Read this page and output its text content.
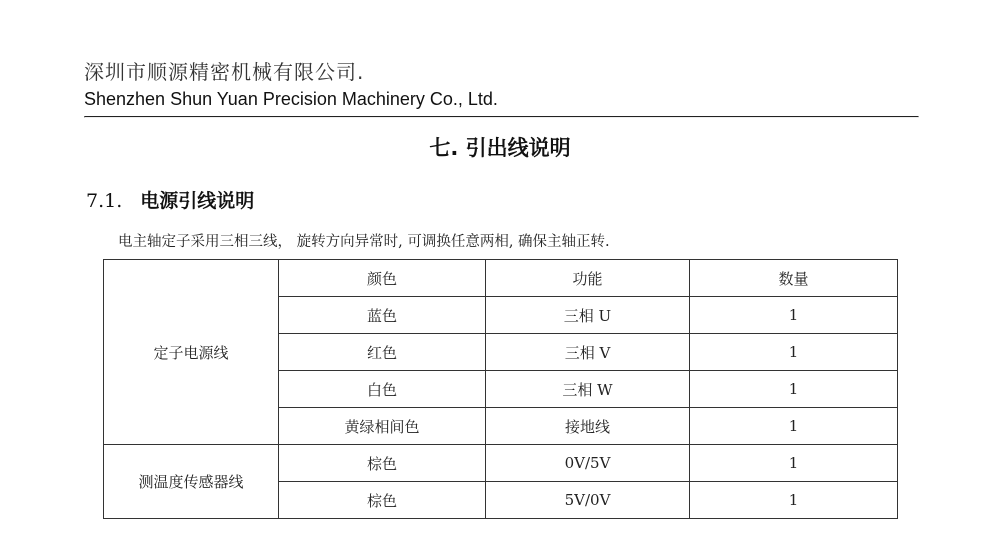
深圳市顺源精密机械有限公司.

Shenzhen Shun Yuan Precision Machinery Co., Ltd.

七. 引出线说明
7.1. 电源引线说明

电主轴定子采用三相三线， 旋转方向异常时, 可调换任意两相, 确保主轴正转.

定子电源线	颜色	功能	数量
	蓝色	三相 U	1
	红色	三相 V	1
	白色	三相 W	1
	黄绿相间色	接地线	1
测温度传感器线	棕色	0V/5V	1
	棕色	5V/0V	1
